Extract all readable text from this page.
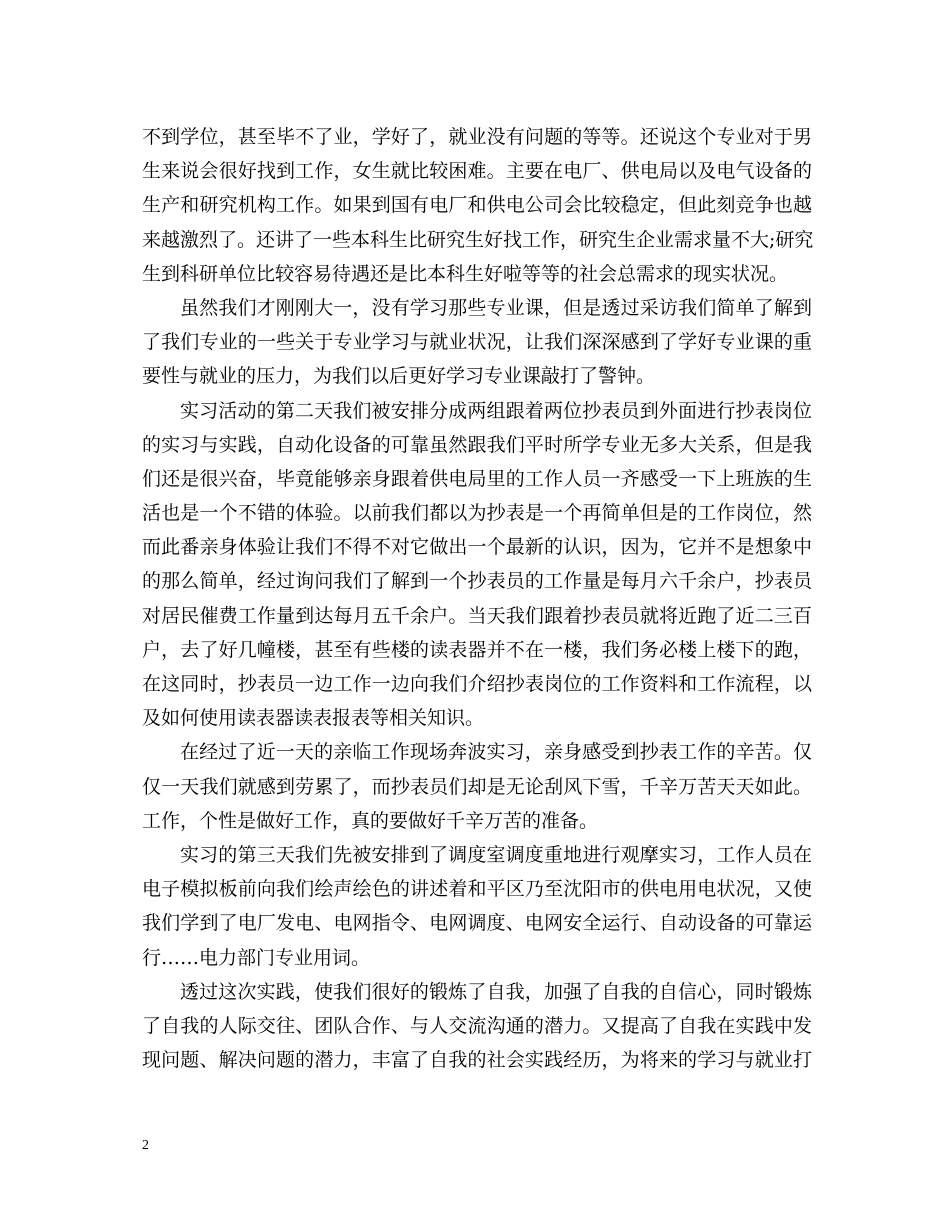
不到学位，甚至毕不了业，学好了，就业没有问题的等等。还说这个专业对于男
生来说会很好找到工作，女生就比较困难。主要在电厂、供电局以及电气设备的
生产和研究机构工作。如果到国有电厂和供电公司会比较稳定，但此刻竞争也越
来越激烈了。还讲了一些本科生比研究生好找工作，研究生企业需求量不大;研究
生到科研单位比较容易待遇还是比本科生好啦等等的社会总需求的现实状况。
虽然我们才刚刚大一，没有学习那些专业课，但是透过采访我们简单了解到
了我们专业的一些关于专业学习与就业状况，让我们深深感到了学好专业课的重
要性与就业的压力，为我们以后更好学习专业课敲打了警钟。
实习活动的第二天我们被安排分成两组跟着两位抄表员到外面进行抄表岗位
的实习与实践，自动化设备的可靠虽然跟我们平时所学专业无多大关系，但是我
们还是很兴奋，毕竟能够亲身跟着供电局里的工作人员一齐感受一下上班族的生
活也是一个不错的体验。以前我们都以为抄表是一个再简单但是的工作岗位，然
而此番亲身体验让我们不得不对它做出一个最新的认识，因为，它并不是想象中
的那么简单，经过询问我们了解到一个抄表员的工作量是每月六千余户，抄表员
对居民催费工作量到达每月五千余户。当天我们跟着抄表员就将近跑了近二三百
户，去了好几幢楼，甚至有些楼的读表器并不在一楼，我们务必楼上楼下的跑，
在这同时，抄表员一边工作一边向我们介绍抄表岗位的工作资料和工作流程，以
及如何使用读表器读表报表等相关知识。
在经过了近一天的亲临工作现场奔波实习，亲身感受到抄表工作的辛苦。仅
仅一天我们就感到劳累了，而抄表员们却是无论刮风下雪，千辛万苦天天如此。
工作，个性是做好工作，真的要做好千辛万苦的准备。
实习的第三天我们先被安排到了调度室调度重地进行观摩实习，工作人员在
电子模拟板前向我们绘声绘色的讲述着和平区乃至沈阳市的供电用电状况，又使
我们学到了电厂发电、电网指令、电网调度、电网安全运行、自动设备的可靠运
行……电力部门专业用词。
透过这次实践，使我们很好的锻炼了自我，加强了自我的自信心，同时锻炼
了自我的人际交往、团队合作、与人交流沟通的潜力。又提高了自我在实践中发
现问题、解决问题的潜力，丰富了自我的社会实践经历，为将来的学习与就业打
2
